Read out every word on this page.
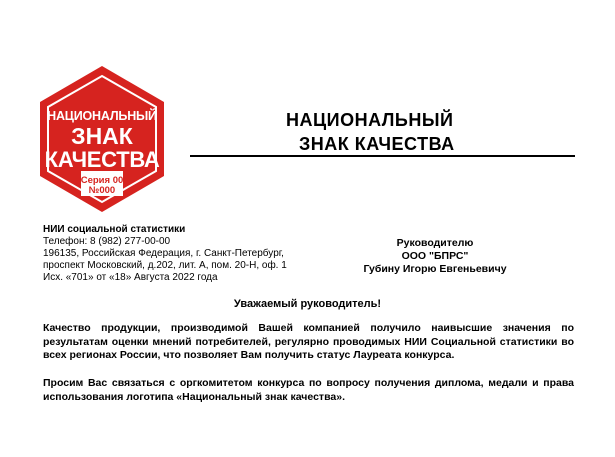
НАЦИОНАЛЬНЫЙ
ЗНАК
КАЧЕСТВА
Серия 00
№000
НАЦИОНАЛЬНЫЙ
ЗНАК КАЧЕСТВА
НИИ социальной статистики
Телефон: 8 (982) 277-00-00
196135, Российская Федерация, г. Санкт-Петербург,
проспект Московский, д.202, лит. А, пом. 20-Н, оф. 1
Исх. «701» от «18» Августа 2022 года
Руководителю
ООО "БПРС"
Губину Игорю Евгеньевичу
Уважаемый руководитель!

Качество продукции, производимой Вашей компанией получило наивысшие значения по результатам оценки мнений потребителей, регулярно проводимых НИИ Социальной статистики во всех регионах России, что позволяет Вам получить статус Лауреата конкурса.

Просим Вас связаться с оргкомитетом конкурса по вопросу получения диплома, медали и права использования логотипа «Национальный знак качества».
